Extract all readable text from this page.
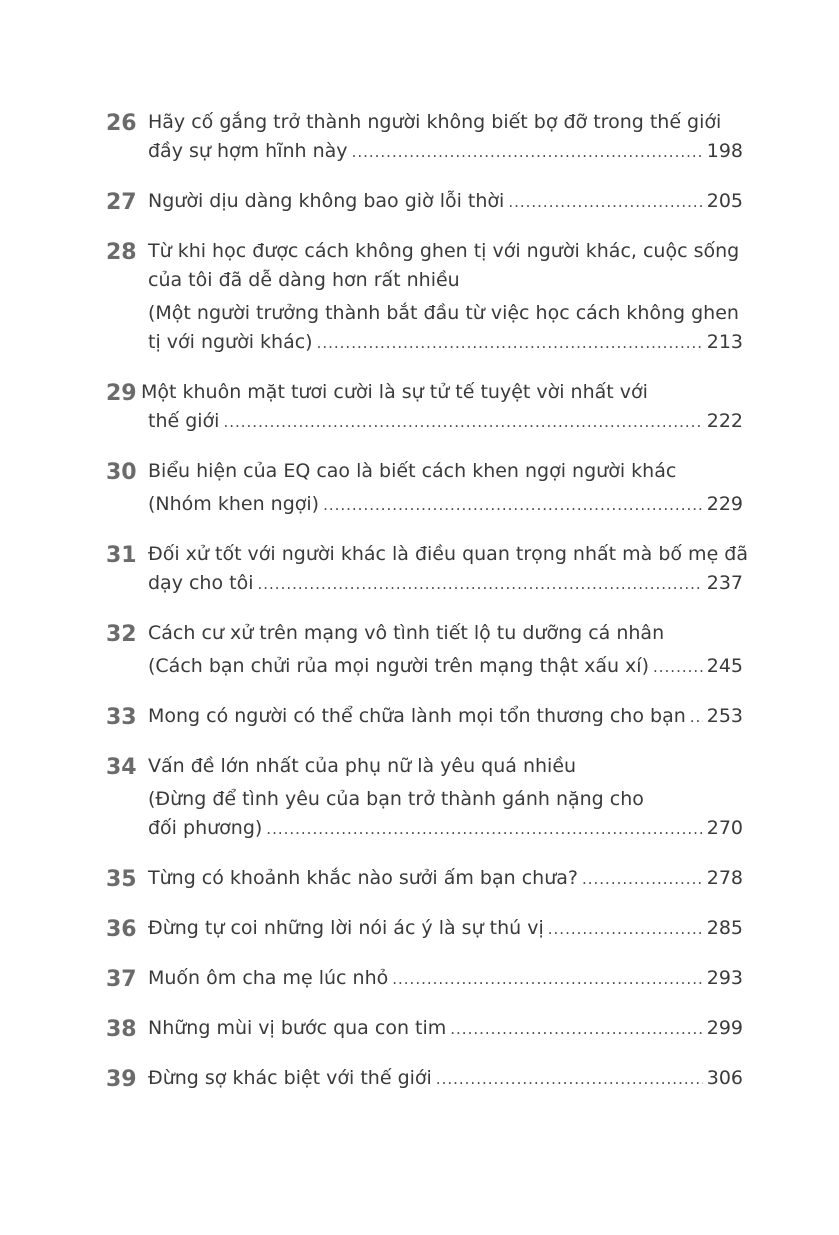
26 Hãy cố gắng trở thành người không biết bợ đỡ trong thế giới
đầy sự hợm hĩnh này .....	198
27 Người dịu dàng không bao giờ lỗi thời .....	205
28 Từ khi học được cách không ghen tị với người khác, cuộc sống
của tôi đã dễ dàng hơn rất nhiều
(Một người trưởng thành bắt đầu từ việc học cách không ghen
tị với người khác) .....	213
29 Một khuôn mặt tươi cười là sự tử tế tuyệt vời nhất với
thế giới .....	222
30 Biểu hiện của EQ cao là biết cách khen ngợi người khác
(Nhóm khen ngợi) .....	229
31 Đối xử tốt với người khác là điều quan trọng nhất mà bố mẹ đã
dạy cho tôi .....	237
32 Cách cư xử trên mạng vô tình tiết lộ tu dưỡng cá nhân
(Cách bạn chửi rủa mọi người trên mạng thật xấu xí) .....	245
33 Mong có người có thể chữa lành mọi tổn thương cho bạn ..... 253
34 Vấn đề lớn nhất của phụ nữ là yêu quá nhiều
(Đừng để tình yêu của bạn trở thành gánh nặng cho
đối phương) .....	270
35 Từng có khoảnh khắc nào sưởi ấm bạn chưa? .....	278
36 Đừng tự coi những lời nói ác ý là sự thú vị .....	285
37 Muốn ôm cha mẹ lúc nhỏ .....	293
38 Những mùi vị bước qua con tim .....	299
39 Đừng sợ khác biệt với thế giới .....	306
